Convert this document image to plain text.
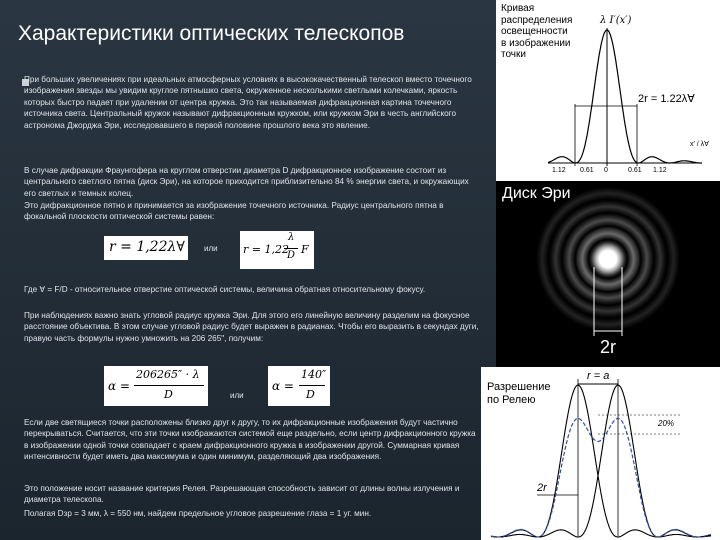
Характеристики оптических телескопов

При больших увеличениях при идеальных атмосферных условиях в высококачественный телескоп вместо точечного изображения звезды мы увидим круглое пятнышко света, окруженное несколькими светлыми колечками, яркость которых быстро падает при удалении от центра кружка. Это так называемая дифракционная картина точечного источника света. Центральный кружок называют дифракционным кружком, или кружком Эри в честь английского астронома Джорджа Эри, исследовавшего в первой половине прошлого века это явление.

В случае дифракции Фраунгофера на круглом отверстии диаметра D дифракционное изображение состоит из центрального светлого пятна (диск Эри), на которое приходится приблизительно 84 % энергии света, и окружающих его светлых и темных колец.

Это дифракционное пятно и принимается за изображение точечного источника. Радиус центрального пятна в фокальной плоскости оптической системы равен:

Где ∀ = F/D - относительное отверстие оптической системы, величина обратная относительному фокусу.

При наблюдениях важно знать угловой радиус кружка Эри. Для этого его линейную величину разделим на фокусное расстояние объектива. В этом случае угловой радиус будет выражен в радианах. Чтобы его выразить в секундах дуги, правую часть формулы нужно умножить на 206 265", получим:

Если две светящиеся точки расположены близко друг к другу, то их дифракционные изображения будут частично перекрываться. Считается, что эти точки изображаются системой еще раздельно, если центр дифракционного кружка в изображении одной точки совпадает с краем дифракционного кружка в изображении другой. Суммарная кривая интенсивности будет иметь два максимума и один минимум, разделяющий два изображения.

Это положение носит название критерия Релея. Разрешающая способность зависит от длины волны излучения и диаметра телескопа.

Полагая Dзр = 3 мм, λ = 550 нм, найдем предельное угловое разрешение глаза = 1 уг. мин.

r = 1,22λ∀ или r = 1,22
λ
D F
α =
206265″ · λ
D	или
α =
140″
D
Кривая
распределения
освещенности
в изображении
точки
λ I′(x′)
2r = 1.22λ∀
1.12 0.61 0	0.61 1.12
x′ / λ∀
Диск Эри
2r
Разрешение
по Релею
r = a
20%
2r
